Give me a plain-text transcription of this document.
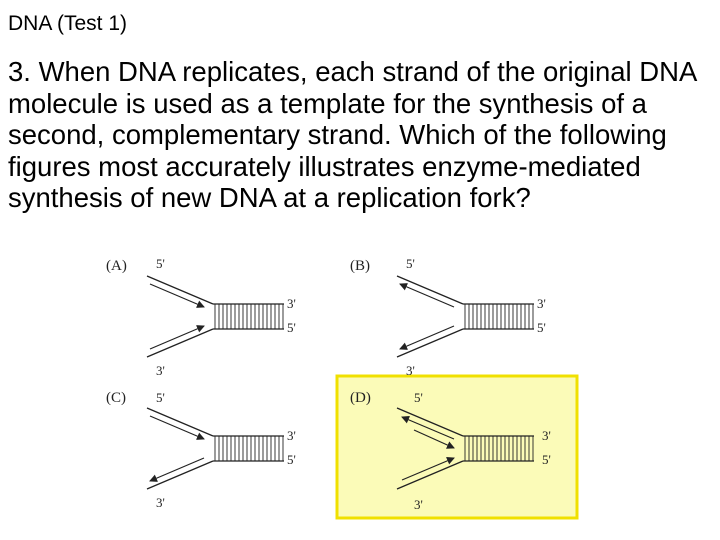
DNA (Test 1)

3. When DNA replicates, each strand of the original DNA molecule is used as a template for the synthesis of a second, complementary strand. Which of the following figures most accurately illustrates enzyme-mediated synthesis of new DNA at a replication fork?

(A) 5'
3'
5'
3'
(B)	5'
3'
5'
3'
(C) 5'
3'
5'
3'
(D)	5'
3'
5'
3'
